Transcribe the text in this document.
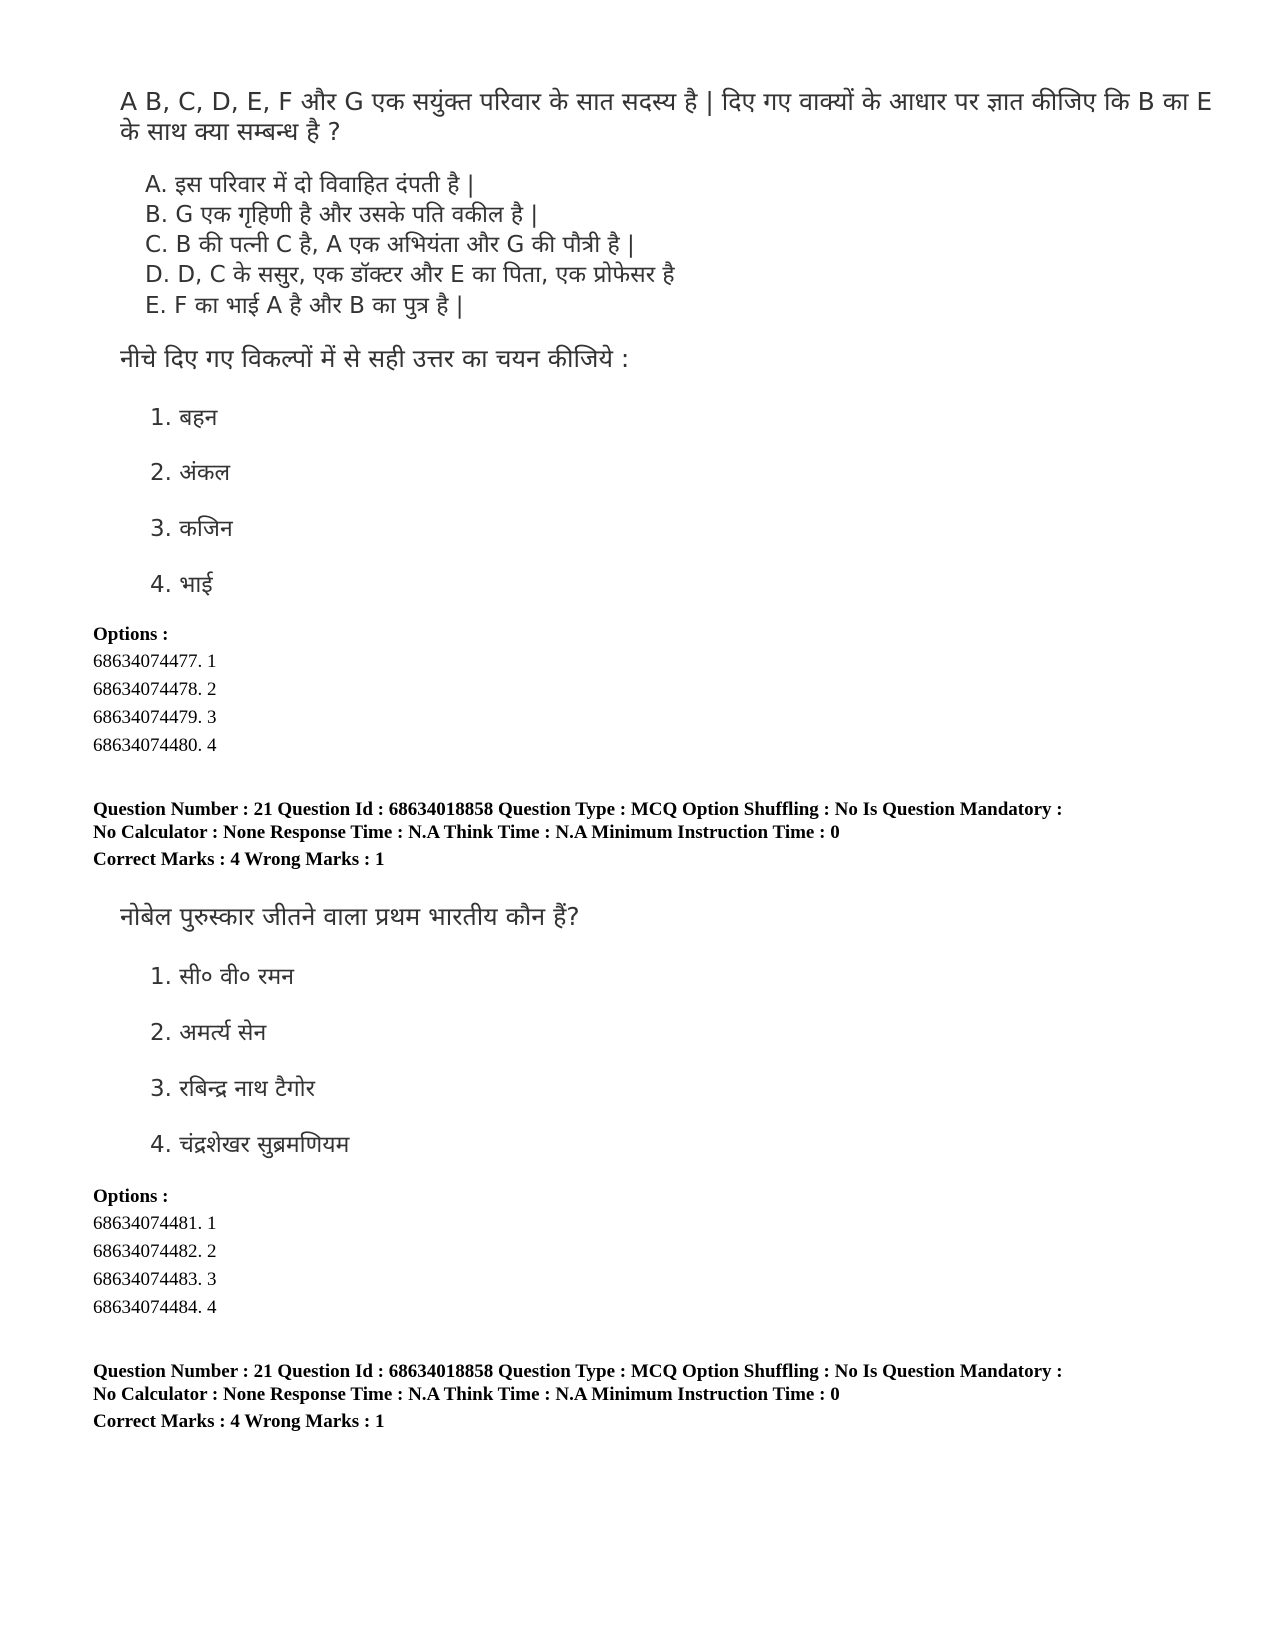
A B, C, D, E, F और G एक सयुंक्त परिवार के सात सदस्य है | दिए गए वाक्यों के आधार पर ज्ञात कीजिए कि B का E
के साथ क्या सम्बन्ध है ?
A. इस परिवार में दो विवाहित दंपती है |
B. G एक गृहिणी है और उसके पति वकील है |
C. B की पत्नी C है, A एक अभियंता और G की पौत्री है |
D. D, C के ससुर, एक डॉक्टर और E का पिता, एक प्रोफेसर है
E. F का भाई A है और B का पुत्र है |
नीचे दिए गए विकल्पों में से सही उत्तर का चयन कीजिये :
1. बहन
2. अंकल
3. कजिन
4. भाई
Options :
68634074477. 1
68634074478. 2
68634074479. 3
68634074480. 4
Question Number : 21 Question Id : 68634018858 Question Type : MCQ Option Shuffling : No Is Question Mandatory :
No Calculator : None Response Time : N.A Think Time : N.A Minimum Instruction Time : 0
Correct Marks : 4 Wrong Marks : 1
नोबेल पुरुस्कार जीतने वाला प्रथम भारतीय कौन हैं?
1. सी० वी० रमन
2. अमर्त्य सेन
3. रबिन्द्र नाथ टैगोर
4. चंद्रशेखर सुब्रमणियम
Options :
68634074481. 1
68634074482. 2
68634074483. 3
68634074484. 4
Question Number : 21 Question Id : 68634018858 Question Type : MCQ Option Shuffling : No Is Question Mandatory :
No Calculator : None Response Time : N.A Think Time : N.A Minimum Instruction Time : 0
Correct Marks : 4 Wrong Marks : 1
